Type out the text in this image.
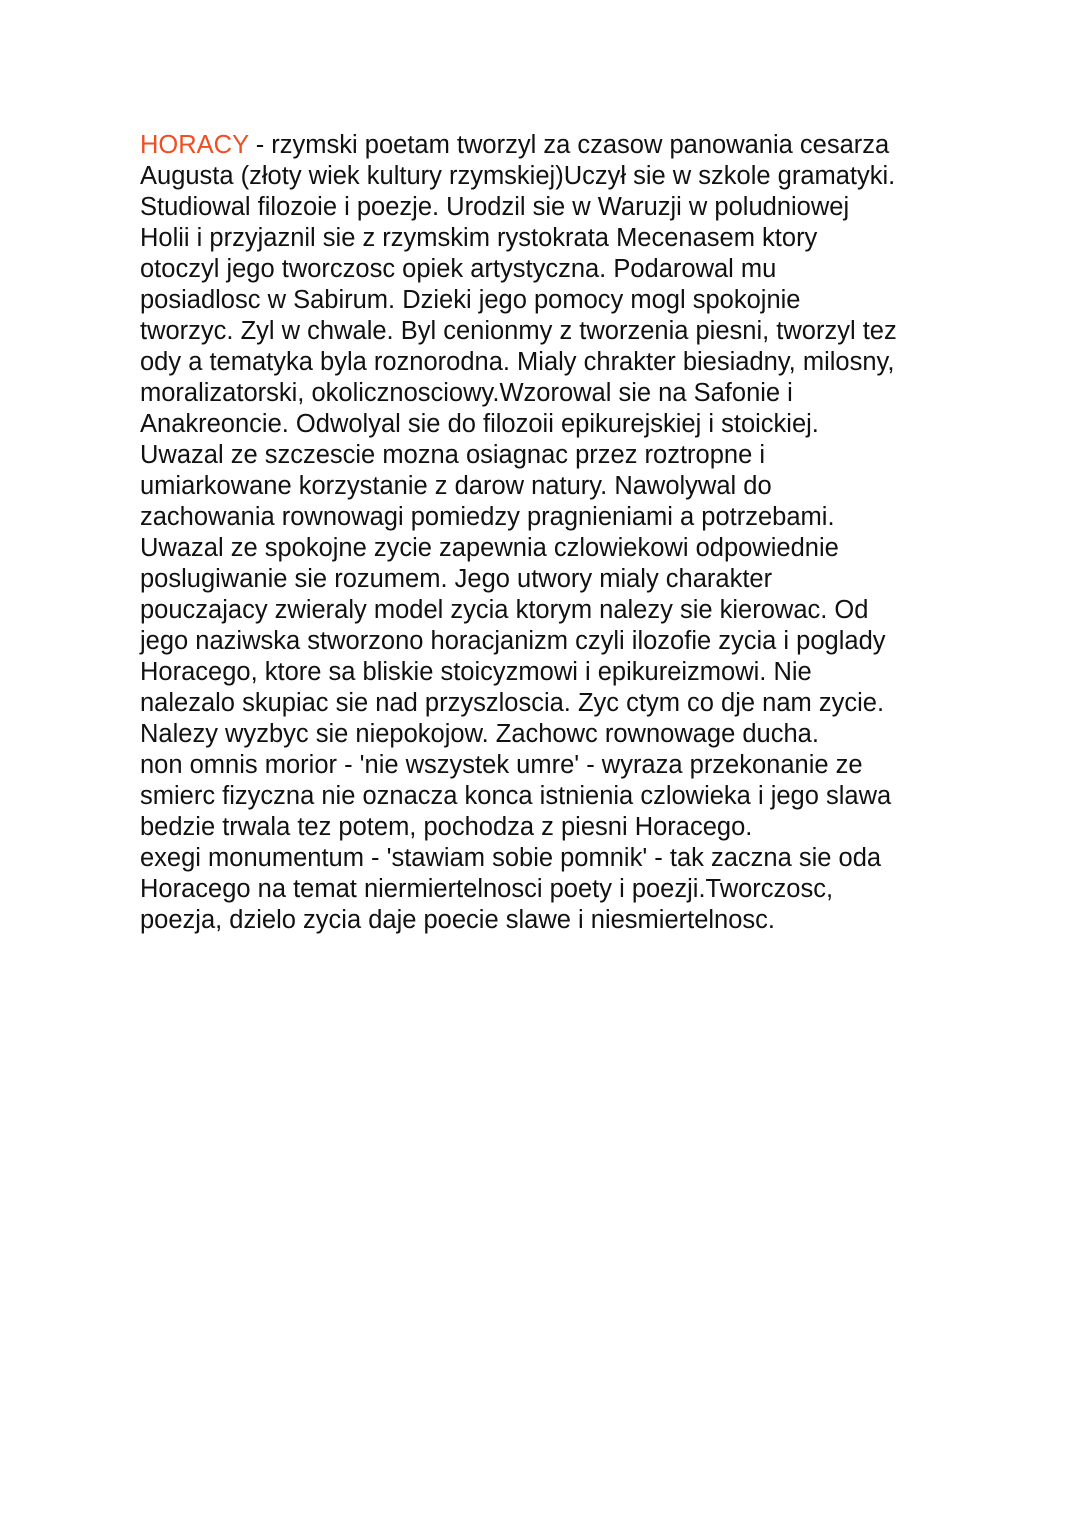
HORACY - rzymski poetam tworzyl za czasow panowania cesarza
Augusta (złoty wiek kultury rzymskiej)Uczył sie w szkole gramatyki.
Studiowal filozoie i poezje. Urodzil sie w Waruzji w poludniowej
Holii i przyjaznil sie z rzymskim rystokrata Mecenasem ktory
otoczyl jego tworczosc opiek artystyczna. Podarowal mu
posiadlosc w Sabirum. Dzieki jego pomocy mogl spokojnie
tworzyc. Zyl w chwale. Byl cenionmy z tworzenia piesni, tworzyl tez
ody a tematyka byla roznorodna. Mialy chrakter biesiadny, milosny,
moralizatorski, okolicznosciowy.Wzorowal sie na Safonie i
Anakreoncie. Odwolyal sie do filozoii epikurejskiej i stoickiej.
Uwazal ze szczescie mozna osiagnac przez roztropne i
umiarkowane korzystanie z darow natury. Nawolywal do
zachowania rownowagi pomiedzy pragnieniami a potrzebami.
Uwazal ze spokojne zycie zapewnia czlowiekowi odpowiednie
poslugiwanie sie rozumem. Jego utwory mialy charakter
pouczajacy zwieraly model zycia ktorym nalezy sie kierowac. Od
jego naziwska stworzono horacjanizm czyli ilozofie zycia i poglady
Horacego, ktore sa bliskie stoicyzmowi i epikureizmowi. Nie
nalezalo skupiac sie nad przyszloscia. Zyc ctym co dje nam zycie.
Nalezy wyzbyc sie niepokojow. Zachowc rownowage ducha.
non omnis morior - 'nie wszystek umre' - wyraza przekonanie ze
smierc fizyczna nie oznacza konca istnienia czlowieka i jego slawa
bedzie trwala tez potem, pochodza z piesni Horacego.
exegi monumentum - 'stawiam sobie pomnik' - tak zaczna sie oda
Horacego na temat niermiertelnosci poety i poezji.Tworczosc,
poezja, dzielo zycia daje poecie slawe i niesmiertelnosc.
